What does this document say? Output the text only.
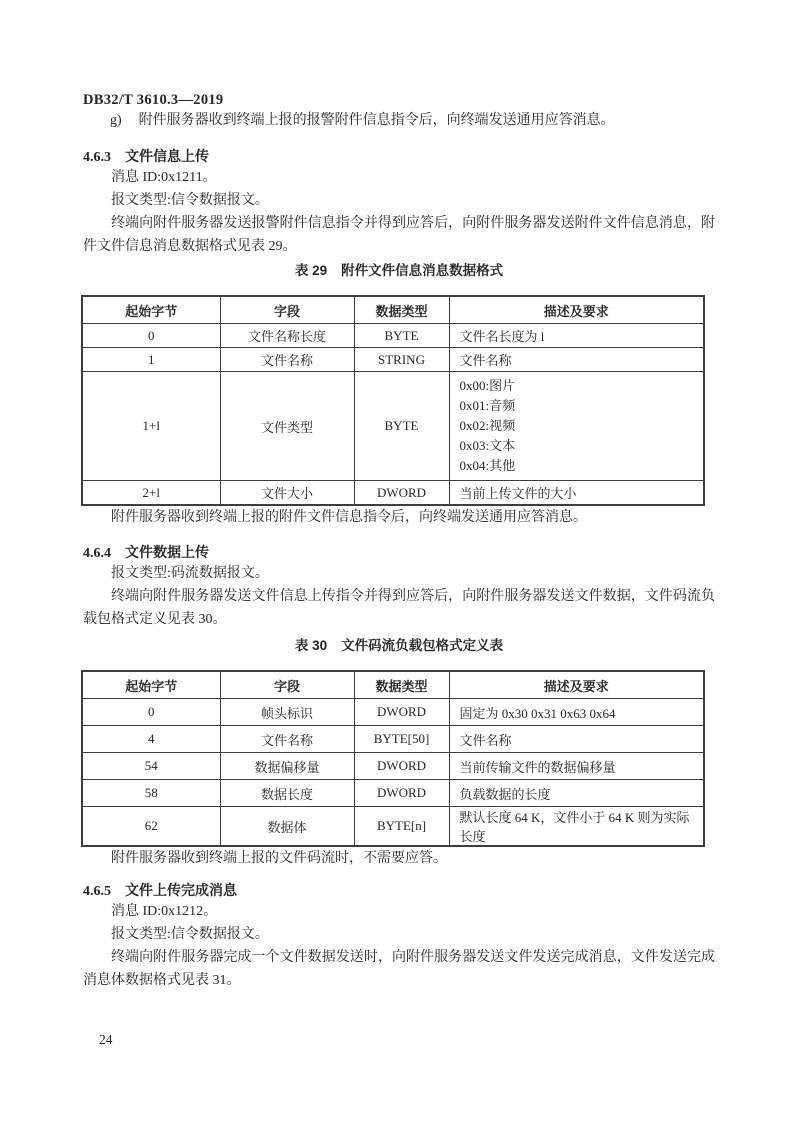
DB32/T 3610.3—2019

g) 附件服务器收到终端上报的报警附件信息指令后，向终端发送通用应答消息。

4.6.3 文件信息上传

消息 ID:0x1211。

报文类型:信令数据报文。

终端向附件服务器发送报警附件信息指令并得到应答后，向附件服务器发送附件文件信息消息，附件文件信息消息数据格式见表 29。

表 29 附件文件信息消息数据格式
起始字节	字段	数据类型	描述及要求
0	文件名称长度	BYTE	文件名长度为 l
1	文件名称	STRING	文件名称
1+l	文件类型	BYTE	0x00:图片
0x01:音频
0x02:视频
0x03:文本
0x04:其他

2+l	文件大小	DWORD	当前上传文件的大小

附件服务器收到终端上报的附件文件信息指令后，向终端发送通用应答消息。

4.6.4 文件数据上传

报文类型:码流数据报文。

终端向附件服务器发送文件信息上传指令并得到应答后，向附件服务器发送文件数据，文件码流负载包格式定义见表 30。

表 30 文件码流负载包格式定义表
起始字节	字段	数据类型	描述及要求
0	帧头标识	DWORD	固定为 0x30 0x31 0x63 0x64
4	文件名称	BYTE[50]	文件名称
54	数据偏移量	DWORD	当前传输文件的数据偏移量
58	数据长度	DWORD	负载数据的长度
62	数据体	BYTE[n]	默认长度 64 K，文件小于 64 K 则为实际长度

附件服务器收到终端上报的文件码流时，不需要应答。

4.6.5 文件上传完成消息

消息 ID:0x1212。

报文类型:信令数据报文。

终端向附件服务器完成一个文件数据发送时，向附件服务器发送文件发送完成消息，文件发送完成消息体数据格式见表 31。

24
